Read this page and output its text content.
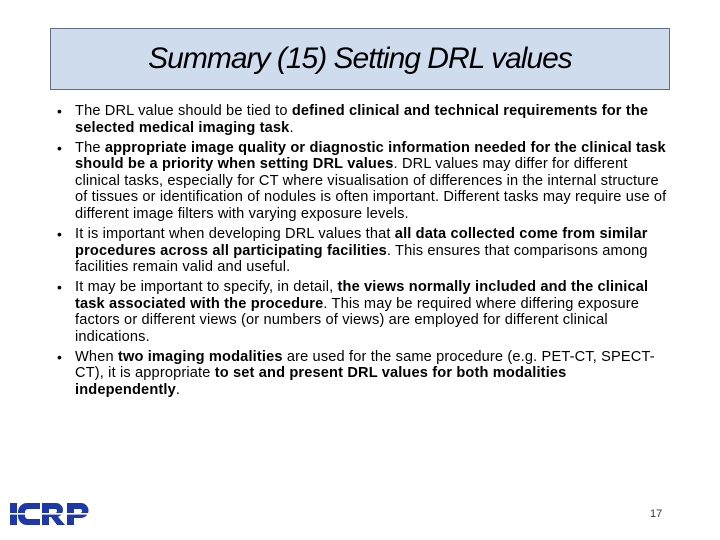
Summary (15) Setting DRL values
• The DRL value should be tied to defined clinical and technical requirements for the selected medical imaging task.
• The appropriate image quality or diagnostic information needed for the clinical task should be a priority when setting DRL values. DRL values may differ for different clinical tasks, especially for CT where visualisation of differences in the internal structure of tissues or identification of nodules is often important. Different tasks may require use of different image filters with varying exposure levels.
• It is important when developing DRL values that all data collected come from similar procedures across all participating facilities. This ensures that comparisons among facilities remain valid and useful.
• It may be important to specify, in detail, the views normally included and the clinical task associated with the procedure. This may be required where differing exposure factors or different views (or numbers of views) are employed for different clinical indications.
• When two imaging modalities are used for the same procedure (e.g. PET-CT, SPECT-CT), it is appropriate to set and present DRL values for both modalities independently.
17
